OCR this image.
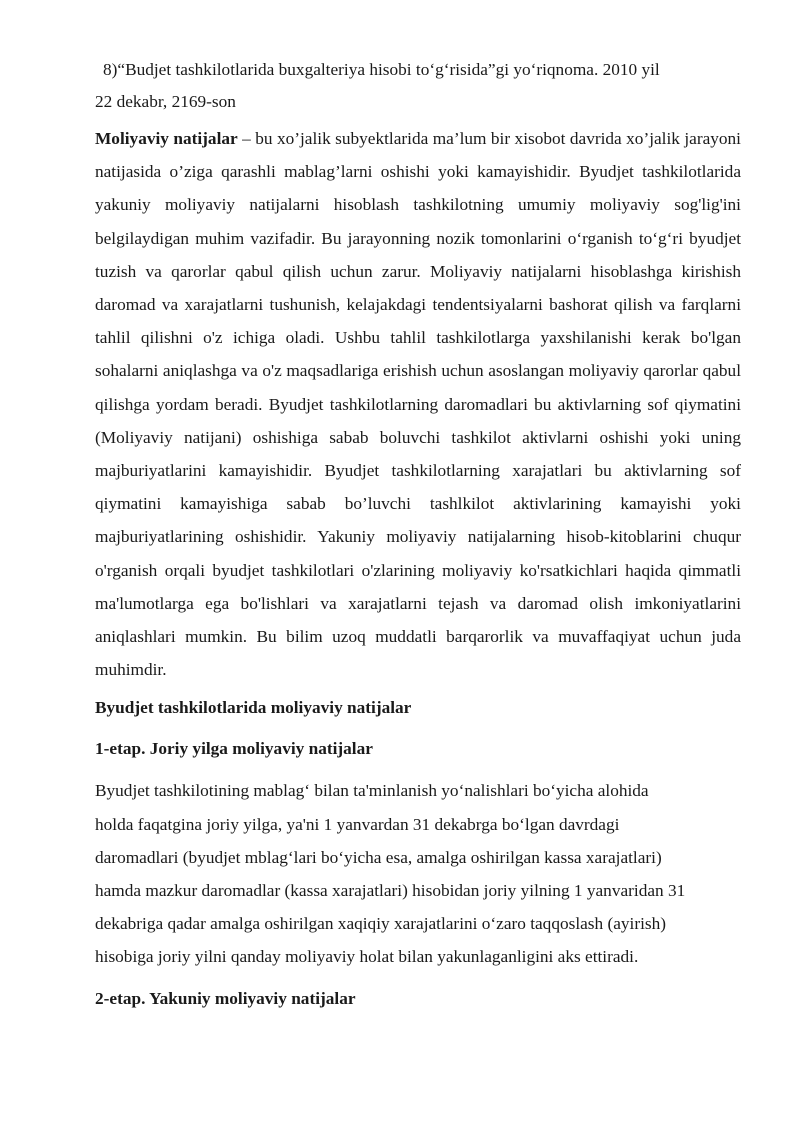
8)“Budjet tashkilotlarida buxgalteriya hisobi to‘g‘risida”gi yo‘riqnoma. 2010 yil
22 dekabr, 2169-son

Moliyaviy natijalar – bu xo’jalik subyektlarida ma’lum bir xisobot davrida xo’jalik jarayoni natijasida o’ziga qarashli mablag’larni oshishi yoki kamayishidir. Byudjet tashkilotlarida yakuniy moliyaviy natijalarni hisoblash tashkilotning umumiy moliyaviy sog'lig'ini belgilaydigan muhim vazifadir. Bu jarayonning nozik tomonlarini o‘rganish to‘g‘ri byudjet tuzish va qarorlar qabul qilish uchun zarur. Moliyaviy natijalarni hisoblashga kirishish daromad va xarajatlarni tushunish, kelajakdagi tendentsiyalarni bashorat qilish va farqlarni tahlil qilishni o'z ichiga oladi. Ushbu tahlil tashkilotlarga yaxshilanishi kerak bo'lgan sohalarni aniqlashga va o'z maqsadlariga erishish uchun asoslangan moliyaviy qarorlar qabul qilishga yordam beradi. Byudjet tashkilotlarning daromadlari bu aktivlarning sof qiymatini (Moliyaviy natijani) oshishiga sabab boluvchi tashkilot aktivlarni oshishi yoki uning majburiyatlarini kamayishidir. Byudjet tashkilotlarning xarajatlari bu aktivlarning sof qiymatini kamayishiga sabab bo’luvchi tashlkilot aktivlarining kamayishi yoki majburiyatlarining oshishidir. Yakuniy moliyaviy natijalarning hisob-kitoblarini chuqur o'rganish orqali byudjet tashkilotlari o'zlarining moliyaviy ko'rsatkichlari haqida qimmatli ma'lumotlarga ega bo'lishlari va xarajatlarni tejash va daromad olish imkoniyatlarini aniqlashlari mumkin. Bu bilim uzoq muddatli barqarorlik va muvaffaqiyat uchun juda muhimdir.

Byudjet tashkilotlarida moliyaviy natijalar

1-etap. Joriy yilga moliyaviy natijalar

Byudjet tashkilotining mablag‘ bilan ta'minlanish yo‘nalishlari bo‘yicha alohida
holda faqatgina joriy yilga, ya'ni 1 yanvardan 31 dekabrga bo‘lgan davrdagi
daromadlari (byudjet mblag‘lari bo‘yicha esa, amalga oshirilgan kassa xarajatlari)
hamda mazkur daromadlar (kassa xarajatlari) hisobidan joriy yilning 1 yanvaridan 31
dekabriga qadar amalga oshirilgan xaqiqiy xarajatlarini o‘zaro taqqoslash (ayirish)
hisobiga joriy yilni qanday moliyaviy holat bilan yakunlaganligini aks ettiradi.

2-etap. Yakuniy moliyaviy natijalar
